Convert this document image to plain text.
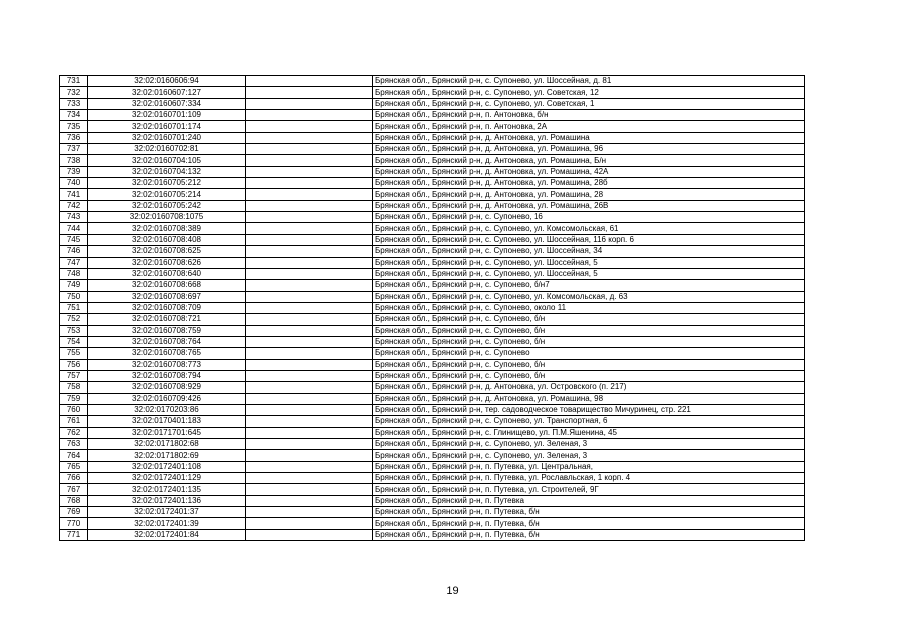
731	32:02:0160606:94		Брянская обл., Брянский р-н, с. Супонево, ул. Шоссейная, д. 81
732	32:02:0160607:127		Брянская обл., Брянский р-н, с. Супонево, ул. Советская, 12
733	32:02:0160607:334		Брянская обл., Брянский р-н, с. Супонево, ул. Советская, 1
734	32:02:0160701:109		Брянская обл., Брянский р-н, п. Антоновка, б/н
735	32:02:0160701:174		Брянская обл., Брянский р-н, п. Антоновка, 2А
736	32:02:0160701:240		Брянская обл., Брянский р-н, д. Антоновка, ул. Ромашина
737	32:02:0160702:81		Брянская обл., Брянский р-н, д. Антоновка, ул. Ромашина, 96
738	32:02:0160704:105		Брянская обл., Брянский р-н, д. Антоновка, ул. Ромашина, Б/н
739	32:02:0160704:132		Брянская обл., Брянский р-н, д. Антоновка, ул. Ромашина, 42А
740	32:02:0160705:212		Брянская обл., Брянский р-н, д. Антоновка, ул. Ромашина, 28б
741	32:02:0160705:214		Брянская обл., Брянский р-н, д. Антоновка, ул. Ромашина, 28
742	32:02:0160705:242		Брянская обл., Брянский р-н, д. Антоновка, ул. Ромашина, 26В
743	32:02:0160708:1075		Брянская обл., Брянский р-н, с. Супонево, 16
744	32:02:0160708:389		Брянская обл., Брянский р-н, с. Супонево, ул. Комсомольская, 61
745	32:02:0160708:408		Брянская обл., Брянский р-н, с. Супонево, ул. Шоссейная, 116 корп. 6
746	32:02:0160708:625		Брянская обл., Брянский р-н, с. Супонево, ул. Шоссейная, 34
747	32:02:0160708:626		Брянская обл., Брянский р-н, с. Супонево, ул. Шоссейная, 5
748	32:02:0160708:640		Брянская обл., Брянский р-н, с. Супонево, ул. Шоссейная, 5
749	32:02:0160708:668		Брянская обл., Брянский р-н, с. Супонево, б/н7
750	32:02:0160708:697		Брянская обл., Брянский р-н, с. Супонево, ул. Комсомольская, д. 63
751	32:02:0160708:709		Брянская обл., Брянский р-н, с. Супонево, около 11
752	32:02:0160708:721		Брянская обл., Брянский р-н, с. Супонево, б/н
753	32:02:0160708:759		Брянская обл., Брянский р-н, с. Супонево, б/н
754	32:02:0160708:764		Брянская обл., Брянский р-н, с. Супонево, б/н
755	32:02:0160708:765		Брянская обл., Брянский р-н, с. Супонево
756	32:02:0160708:773		Брянская обл., Брянский р-н, с. Супонево, б/н
757	32:02:0160708:794		Брянская обл., Брянский р-н, с. Супонево, б/н
758	32:02:0160708:929		Брянская обл., Брянский р-н, д. Антоновка, ул. Островского (п. 217)
759	32:02:0160709:426		Брянская обл., Брянский р-н, д. Антоновка, ул. Ромашина, 98
760	32:02:0170203:86		Брянская обл., Брянский р-н, тер. садоводческое товарищество Мичуринец, стр. 221
761	32:02:0170401:183		Брянская обл., Брянский р-н, с. Супонево, ул. Транспортная, 6
762	32:02:0171701:645		Брянская обл., Брянский р-н, с. Глинищево, ул. П.М.Яшенина, 45
763	32:02:0171802:68		Брянская обл., Брянский р-н, с. Супонево, ул. Зеленая, 3
764	32:02:0171802:69		Брянская обл., Брянский р-н, с. Супонево, ул. Зеленая, 3
765	32:02:0172401:108		Брянская обл., Брянский р-н, п. Путевка, ул. Центральная,
766	32:02:0172401:129		Брянская обл., Брянский р-н, п. Путевка, ул. Рославльская, 1 корп. 4
767	32:02:0172401:135		Брянская обл., Брянский р-н, п. Путевка, ул. Строителей, 9Г
768	32:02:0172401:136		Брянская обл., Брянский р-н, п. Путевка
769	32:02:0172401:37		Брянская обл., Брянский р-н, п. Путевка, б/н
770	32:02:0172401:39		Брянская обл., Брянский р-н, п. Путевка, б/н
771	32:02:0172401:84		Брянская обл., Брянский р-н, п. Путевка, б/н
19
